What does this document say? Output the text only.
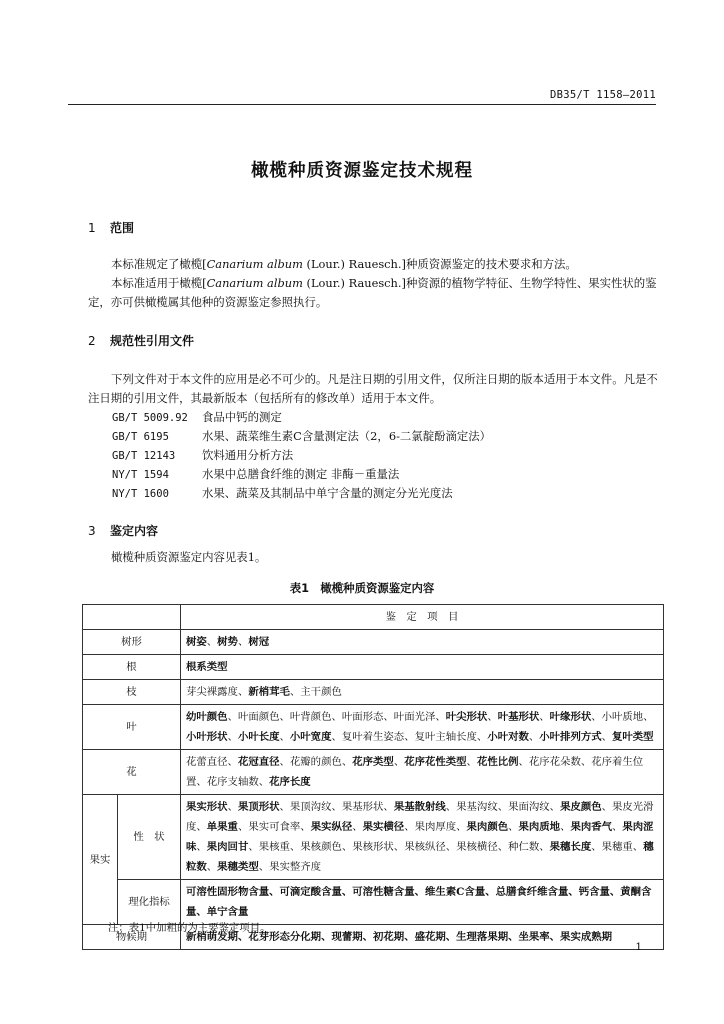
DB35/T 1158—2011
橄榄种质资源鉴定技术规程
1 范围
本标准规定了橄榄[Canarium album (Lour.) Rauesch.]种质资源鉴定的技术要求和方法。
本标准适用于橄榄[Canarium album (Lour.) Rauesch.]种资源的植物学特征、生物学特性、果实性状的鉴定，亦可供橄榄属其他种的资源鉴定参照执行。
2 规范性引用文件
下列文件对于本文件的应用是必不可少的。凡是注日期的引用文件，仅所注日期的版本适用于本文件。凡是不注日期的引用文件，其最新版本（包括所有的修改单）适用于本文件。
GB/T 5009.92 食品中钙的测定
GB/T 6195	水果、蔬菜维生素C含量测定法（2，6-二氯靛酚滴定法）
GB/T 12143 饮料通用分析方法
NY/T 1594	水果中总膳食纤维的测定 非酶－重量法
NY/T 1600	水果、蔬菜及其制品中单宁含量的测定分光光度法
3 鉴定内容
橄榄种质资源鉴定内容见表1。
表1　橄榄种质资源鉴定内容
		鉴　定　项　目
树形		树姿、树势、树冠
根		根系类型
枝		芽尖裸露度、新梢茸毛、主干颜色
叶		幼叶颜色、叶面颜色、叶背颜色、叶面形态、叶面光泽、叶尖形状、叶基形状、叶缘形状、小叶质地、小叶形状、小叶长度、小叶宽度、复叶着生姿态、复叶主轴长度、小叶对数、小叶排列方式、复叶类型
花		花蕾直径、花冠直径、花瓣的颜色、花序类型、花序花性类型、花性比例、花序花朵数、花序着生位置、花序支轴数、花序长度
果实	性　状	果实形状、果顶形状、果顶沟纹、果基形状、果基散射线、果基沟纹、果面沟纹、果皮颜色、果皮光滑度、单果重、果实可食率、果实纵径、果实横径、果肉厚度、果肉颜色、果肉质地、果肉香气、果肉涩味、果肉回甘、果核重、果核颜色、果核形状、果核纵径、果核横径、种仁数、果穗长度、果穗重、穗粒数、果穗类型、果实整齐度
	理化指标	可溶性固形物含量、可滴定酸含量、可溶性糖含量、维生素C含量、总膳食纤维含量、钙含量、黄酮含量、单宁含量
物候期		新梢萌发期、花芽形态分化期、现蕾期、初花期、盛花期、生理落果期、坐果率、果实成熟期
注：表1中加粗的为主要鉴定项目。
1
